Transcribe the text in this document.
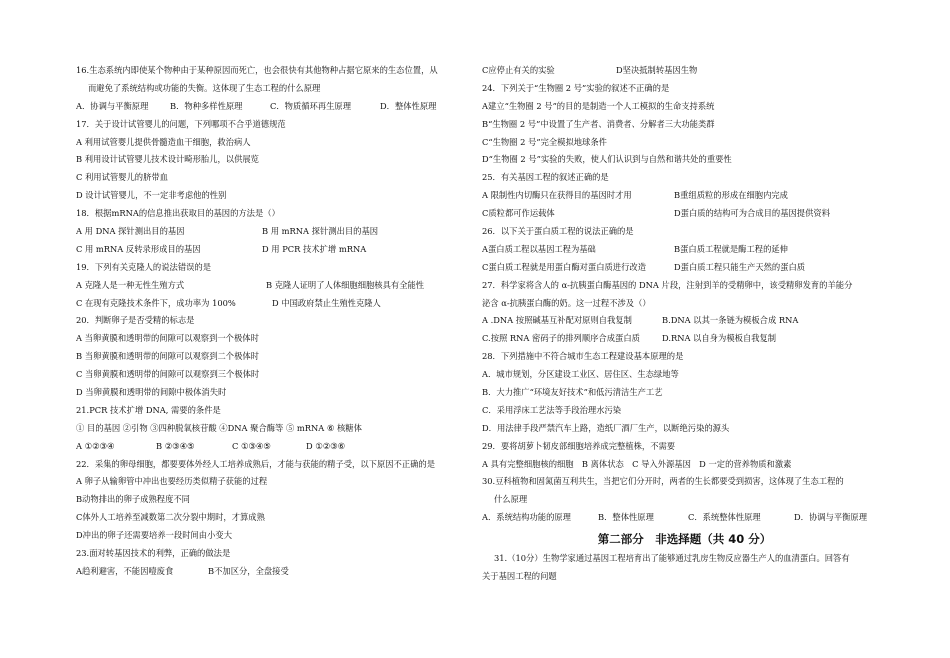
16.生态系统内即使某个物种由于某种原因而死亡，也会很快有其他物种占据它原来的生态位置，从
而避免了系统结构或功能的失衡。这体现了生态工程的什么原理
A．协调与平衡原理	B．物种多样性原理	C．物质循环再生原理	D．整体性原理
17．关于设计试管婴儿的问题，下列哪项不合乎道德规范
A 利用试管婴儿提供骨髓造血干细胞，救治病人
B 利用设计试管婴儿技术设计畸形胎儿，以供展览
C 利用试管婴儿的脐带血
D 设计试管婴儿，不一定非考虑他的性别
18．根据mRNA的信息推出获取目的基因的方法是（）
A 用 DNA 探针测出目的基因	B 用 mRNA 探针测出目的基因
C 用 mRNA 反转录形成目的基因	D 用 PCR 技术扩增 mRNA
19．下列有关克隆人的说法错误的是
A 克隆人是一种无性生殖方式	B 克隆人证明了人体细胞细胞核具有全能性
C 在现有克隆技术条件下，成功率为 100%	D 中国政府禁止生殖性克隆人
20．判断卵子是否受精的标志是
A 当卵黄膜和透明带的间隙可以观察到一个极体时
B 当卵黄膜和透明带的间隙可以观察到二个极体时
C 当卵黄膜和透明带的间隙可以观察到三个极体时
D 当卵黄膜和透明带的间隙中极体消失时
21.PCR 技术扩增 DNA, 需要的条件是
① 目的基因 ②引物 ③四种脱氧核苷酸 ④DNA 聚合酶等 ⑤ mRNA ⑥ 核糖体
A ①②③④	B ②③④⑤	C ①③④⑤	D ①②③⑥
22．采集的卵母细胞，都要要体外经人工培养成熟后，才能与获能的精子受，以下原因不正确的是
A 卵子从输卵管中冲出也要经历类似精子获能的过程
B动物排出的卵子成熟程度不同
C体外人工培养至减数第二次分裂中期时，才算成熟
D冲出的卵子还需要培养一段时间由小变大
23.面对转基因技术的利弊，正确的做法是
A趋利避害，不能因噎废食	B不加区分，全盘接受
C应停止有关的实验	D坚决抵制转基因生物
24．下列关于“生物圈 2 号”实验的叙述不正确的是
A建立“生物圈 2 号”的目的是制造一个人工模拟的生命支持系统
B“生物圈 2 号”中设置了生产者、消费者、分解者三大功能类群
C“生物圈 2 号”完全模拟地球条件
D“生物圈 2 号”实验的失败，使人们认识到与自然和谐共处的重要性
25．有关基因工程的叙述正确的是
A 限制性内切酶只在获得目的基因时才用	B重组质粒的形成在细胞内完成
C质粒都可作运载体	D蛋白质的结构可为合成目的基因提供资料
26．以下关于蛋白质工程的说法正确的是
A蛋白质工程以基因工程为基础	B蛋白质工程就是酶工程的延伸
C蛋白质工程就是用蛋白酶对蛋白质进行改造	D蛋白质工程只能生产天然的蛋白质
27．科学家将含人的 α-抗胰蛋白酶基因的 DNA 片段，注射到羊的受精卵中，该受精卵发育的羊能分
泌含 α-抗胰蛋白酶的奶。这一过程不涉及（）
A .DNA 按照碱基互补配对原则自我复制	B.DNA 以其一条链为模板合成 RNA
C.按照 RNA 密码子的排列顺序合成蛋白质	D.RNA 以自身为模板自我复制
28．下列措施中不符合城市生态工程建设基本原理的是
A．城市规划，分区建设工业区、居住区、生态绿地等
B．大力推广“环境友好技术”和低污清洁生产工艺
C．采用浮床工艺法等手段治理水污染
D．用法律手段严禁汽车上路，造纸厂酒厂生产，以断绝污染的源头
29．要将胡萝卜韧皮部细胞培养成完整植株，不需要
A 具有完整细胞核的细胞　B 离体状态　C 导入外源基因　D 一定的营养物质和激素
30.豆科植物和固氮菌互利共生，当把它们分开时，两者的生长都要受到损害，这体现了生态工程的
什么原理
A．系统结构功能的原理	B．整体性原理	C．系统整体性原理	D．协调与平衡原理
第二部分　非选择题（共 40 分）
31.（10分）生物学家通过基因工程培育出了能够通过乳房生物反应器生产人的血清蛋白。回答有
关于基因工程的问题
